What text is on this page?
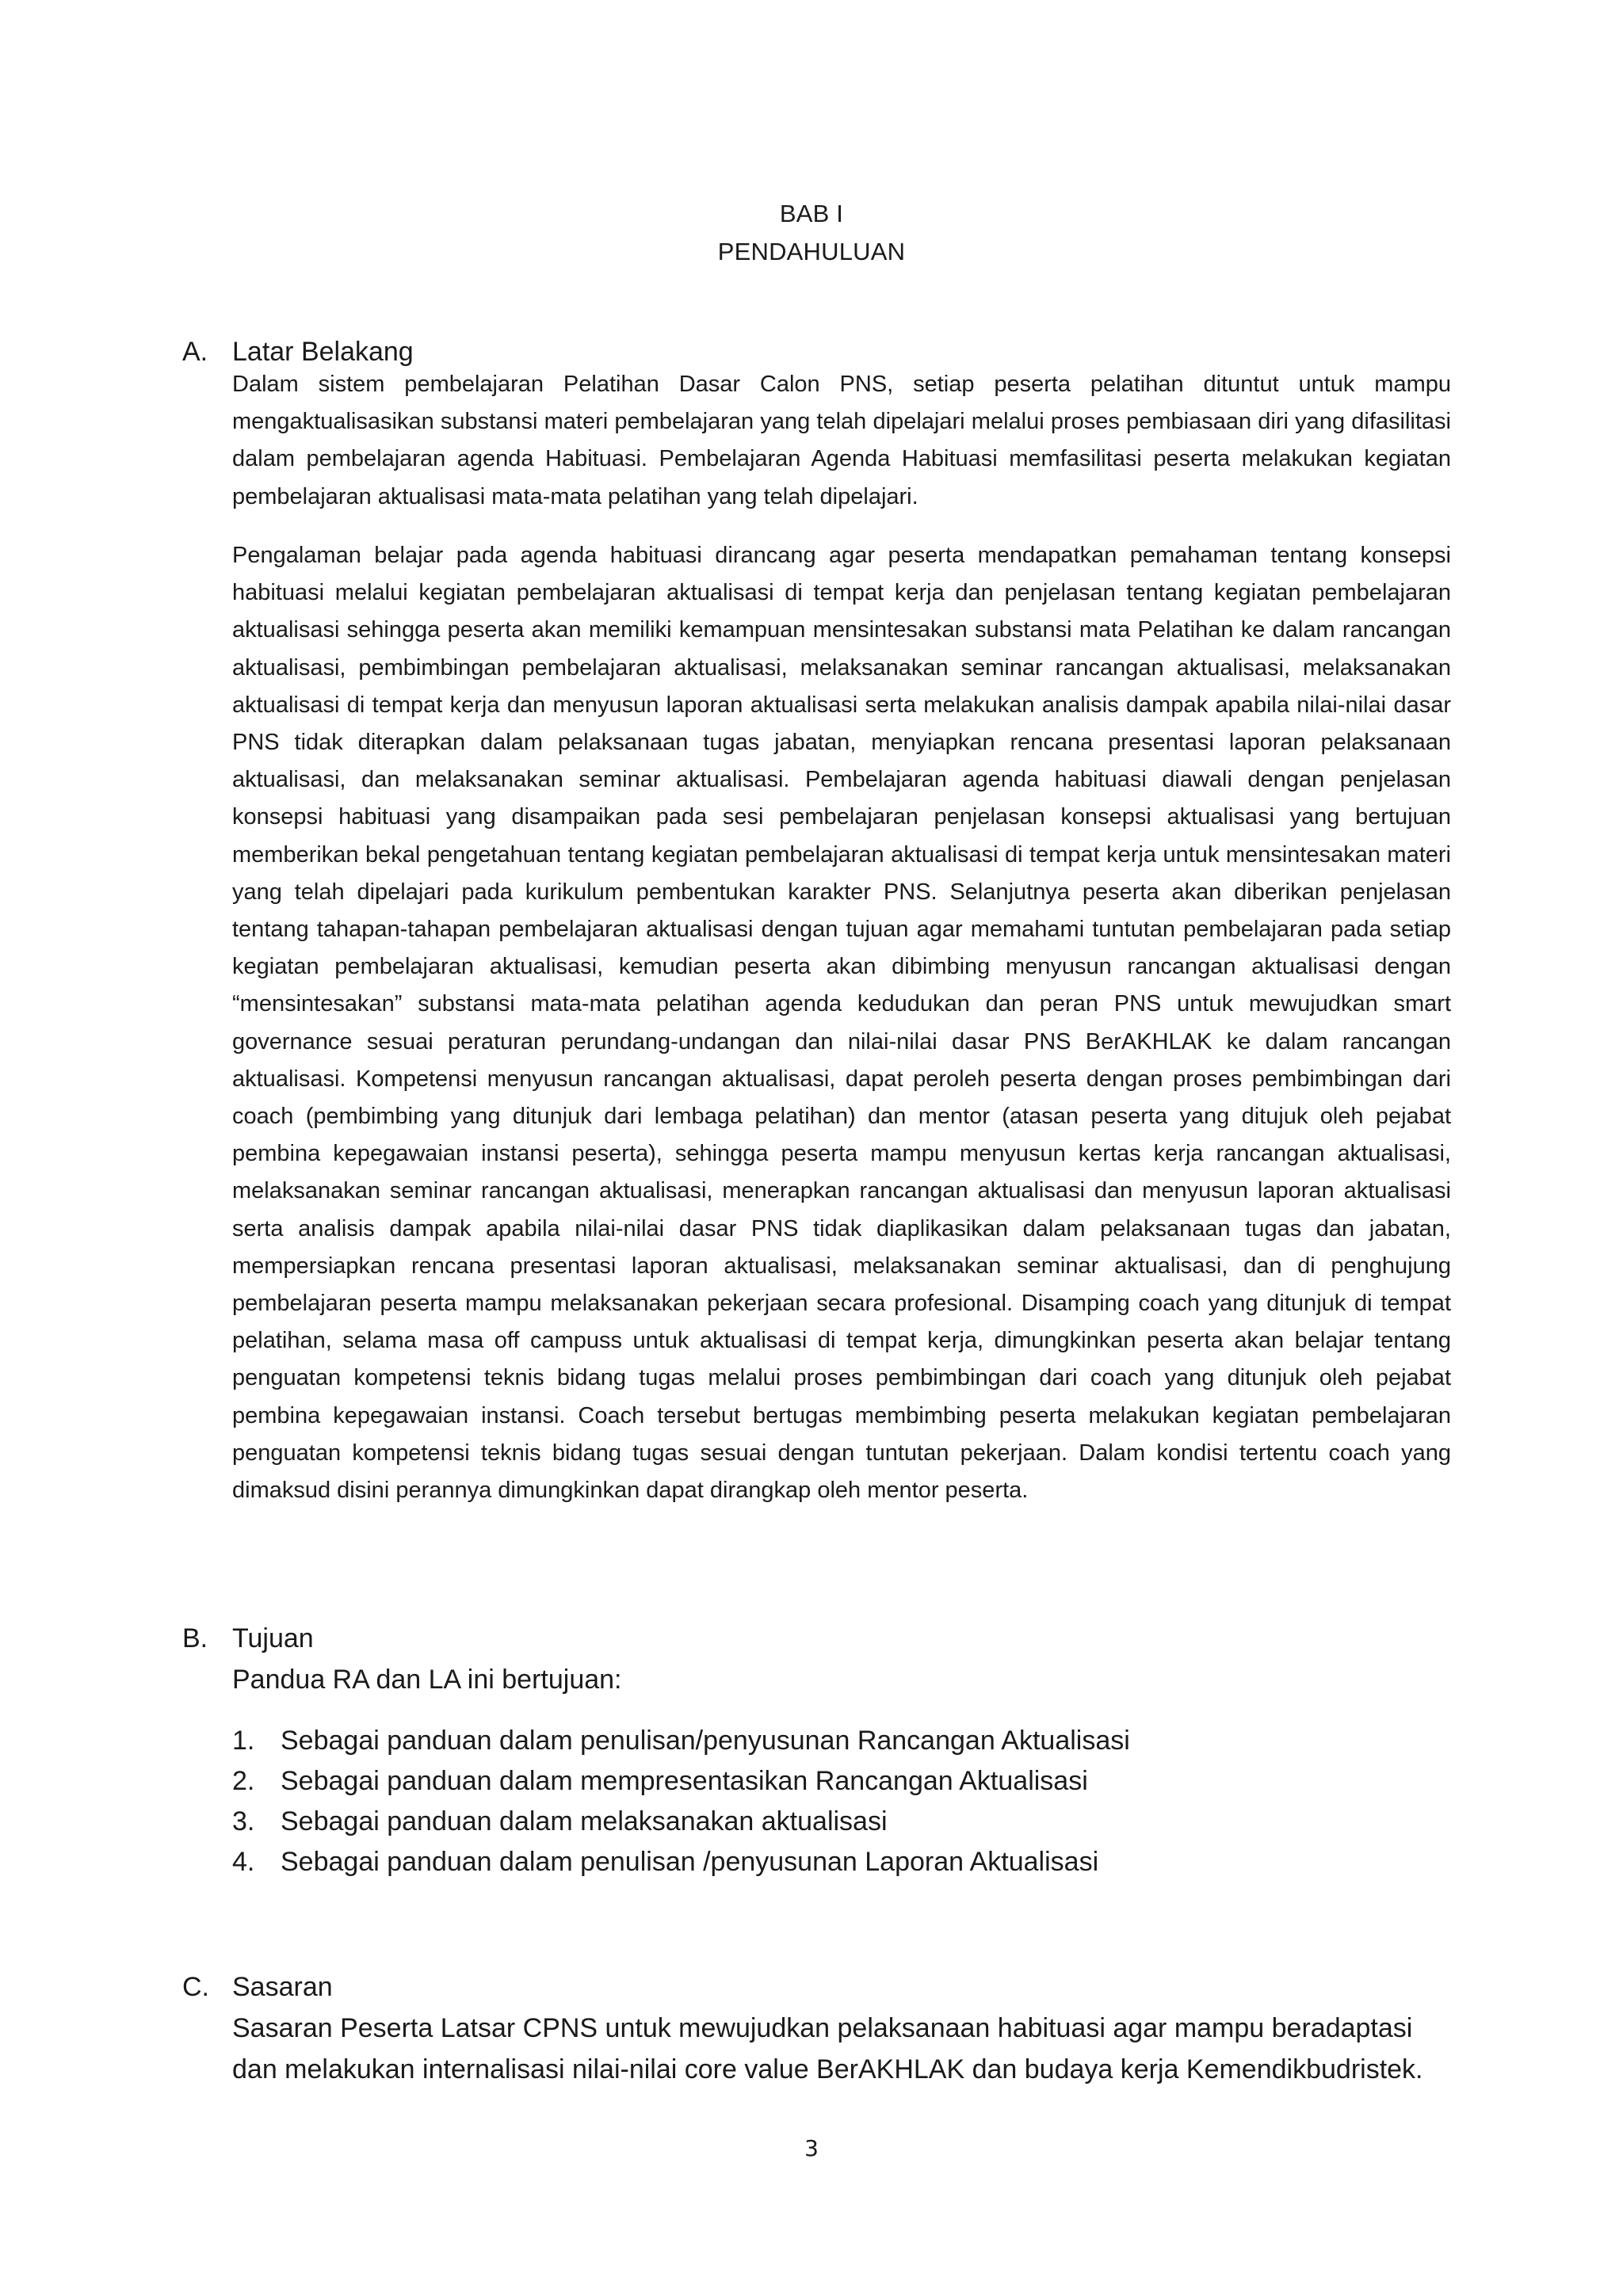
BAB I
PENDAHULUAN
A. Latar Belakang

Dalam sistem pembelajaran Pelatihan Dasar Calon PNS, setiap peserta pelatihan dituntut untuk mampu mengaktualisasikan substansi materi pembelajaran yang telah dipelajari melalui proses pembiasaan diri yang difasilitasi dalam pembelajaran agenda Habituasi. Pembelajaran Agenda Habituasi memfasilitasi peserta melakukan kegiatan pembelajaran aktualisasi mata-mata pelatihan yang telah dipelajari.

Pengalaman belajar pada agenda habituasi dirancang agar peserta mendapatkan pemahaman tentang konsepsi habituasi melalui kegiatan pembelajaran aktualisasi di tempat kerja dan penjelasan tentang kegiatan pembelajaran aktualisasi sehingga peserta akan memiliki kemampuan mensintesakan substansi mata Pelatihan ke dalam rancangan aktualisasi, pembimbingan pembelajaran aktualisasi, melaksanakan seminar rancangan aktualisasi, melaksanakan aktualisasi di tempat kerja dan menyusun laporan aktualisasi serta melakukan analisis dampak apabila nilai-nilai dasar PNS tidak diterapkan dalam pelaksanaan tugas jabatan, menyiapkan rencana presentasi laporan pelaksanaan aktualisasi, dan melaksanakan seminar aktualisasi. Pembelajaran agenda habituasi diawali dengan penjelasan konsepsi habituasi yang disampaikan pada sesi pembelajaran penjelasan konsepsi aktualisasi yang bertujuan memberikan bekal pengetahuan tentang kegiatan pembelajaran aktualisasi di tempat kerja untuk mensintesakan materi yang telah dipelajari pada kurikulum pembentukan karakter PNS. Selanjutnya peserta akan diberikan penjelasan tentang tahapan-tahapan pembelajaran aktualisasi dengan tujuan agar memahami tuntutan pembelajaran pada setiap kegiatan pembelajaran aktualisasi, kemudian peserta akan dibimbing menyusun rancangan aktualisasi dengan “mensintesakan” substansi mata-mata pelatihan agenda kedudukan dan peran PNS untuk mewujudkan smart governance sesuai peraturan perundang-undangan dan nilai-nilai dasar PNS BerAKHLAK ke dalam rancangan aktualisasi. Kompetensi menyusun rancangan aktualisasi, dapat peroleh peserta dengan proses pembimbingan dari coach (pembimbing yang ditunjuk dari lembaga pelatihan) dan mentor (atasan peserta yang ditujuk oleh pejabat pembina kepegawaian instansi peserta), sehingga peserta mampu menyusun kertas kerja rancangan aktualisasi, melaksanakan seminar rancangan aktualisasi, menerapkan rancangan aktualisasi dan menyusun laporan aktualisasi serta analisis dampak apabila nilai-nilai dasar PNS tidak diaplikasikan dalam pelaksanaan tugas dan jabatan, mempersiapkan rencana presentasi laporan aktualisasi, melaksanakan seminar aktualisasi, dan di penghujung pembelajaran peserta mampu melaksanakan pekerjaan secara profesional. Disamping coach yang ditunjuk di tempat pelatihan, selama masa off campuss untuk aktualisasi di tempat kerja, dimungkinkan peserta akan belajar tentang penguatan kompetensi teknis bidang tugas melalui proses pembimbingan dari coach yang ditunjuk oleh pejabat pembina kepegawaian instansi. Coach tersebut bertugas membimbing peserta melakukan kegiatan pembelajaran penguatan kompetensi teknis bidang tugas sesuai dengan tuntutan pekerjaan. Dalam kondisi tertentu coach yang dimaksud disini perannya dimungkinkan dapat dirangkap oleh mentor peserta.

B. Tujuan
Pandua RA dan LA ini bertujuan:
1. Sebagai panduan dalam penulisan/penyusunan Rancangan Aktualisasi
2. Sebagai panduan dalam mempresentasikan Rancangan Aktualisasi
3. Sebagai panduan dalam melaksanakan aktualisasi
4. Sebagai panduan dalam penulisan /penyusunan Laporan Aktualisasi
C. Sasaran
Sasaran Peserta Latsar CPNS untuk mewujudkan pelaksanaan habituasi agar mampu beradaptasi dan melakukan internalisasi nilai-nilai core value BerAKHLAK dan budaya kerja Kemendikbudristek.
3
